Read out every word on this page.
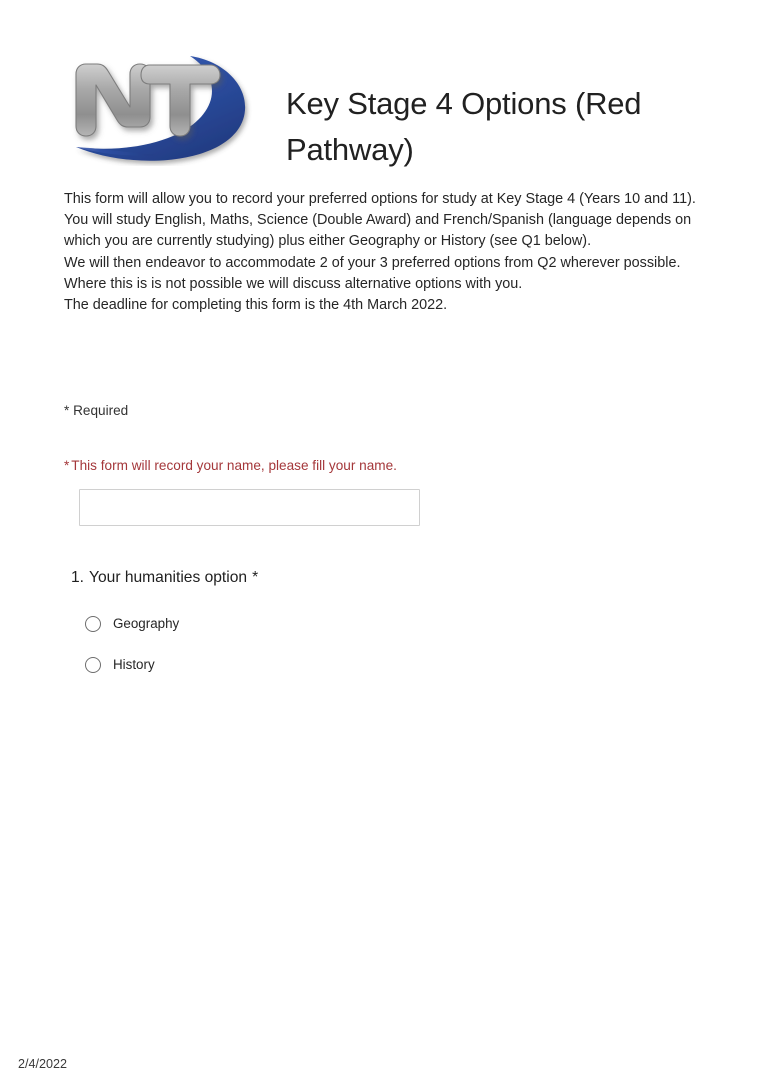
Key Stage 4 Options (Red Pathway)

This form will allow you to record your preferred options for study at Key Stage 4 (Years 10 and 11). You will study English, Maths, Science (Double Award) and French/Spanish (language depends on which you are currently studying) plus either Geography or History (see Q1 below).

We will then endeavor to accommodate 2 of your 3 preferred options from Q2 wherever possible. Where this is is not possible we will discuss alternative options with you.

The deadline for completing this form is the 4th March 2022.

* Required
* This form will record your name, please fill your name.
1. Your humanities option *
Geography
History
2/4/2022
